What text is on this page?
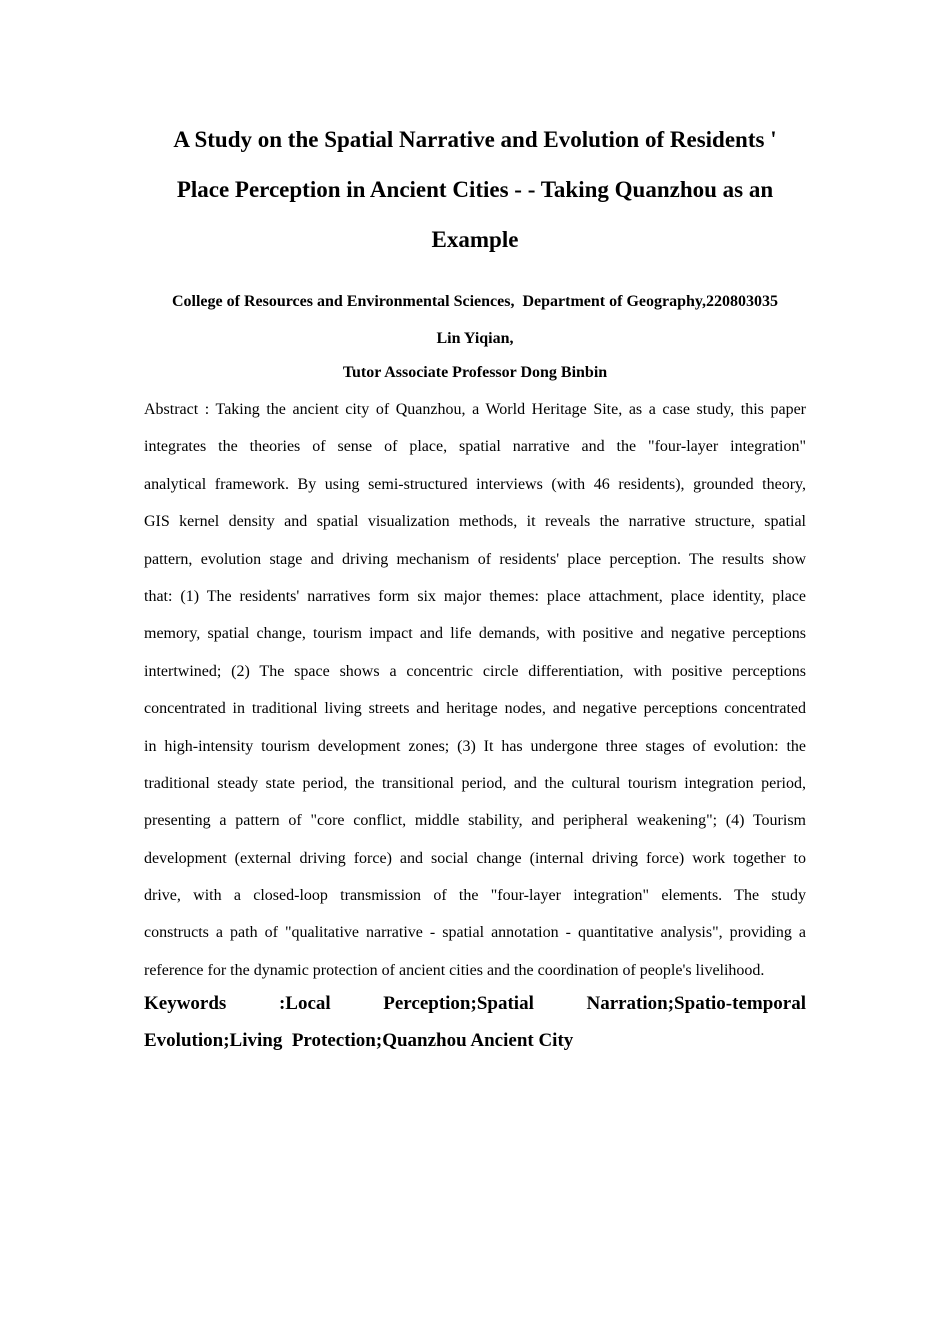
A Study on the Spatial Narrative and Evolution of Residents '
Place Perception in Ancient Cities - - Taking Quanzhou as an
Example

College of Resources and Environmental Sciences,  Department of Geography,220803035

Lin Yiqian,

Tutor Associate Professor Dong Binbin

Abstract : Taking the ancient city of Quanzhou, a World Heritage Site, as a case study, this paper
integrates the theories of sense of place, spatial narrative and the "four-layer integration"
analytical framework. By using semi-structured interviews (with 46 residents), grounded theory,
GIS kernel density and spatial visualization methods, it reveals the narrative structure, spatial
pattern, evolution stage and driving mechanism of residents' place perception. The results show
that: (1) The residents' narratives form six major themes: place attachment, place identity, place
memory, spatial change, tourism impact and life demands, with positive and negative perceptions
intertwined; (2) The space shows a concentric circle differentiation, with positive perceptions
concentrated in traditional living streets and heritage nodes, and negative perceptions concentrated
in high-intensity tourism development zones; (3) It has undergone three stages of evolution: the
traditional steady state period, the transitional period, and the cultural tourism integration period,
presenting a pattern of "core conflict, middle stability, and peripheral weakening"; (4) Tourism
development (external driving force) and social change (internal driving force) work together to
drive, with a closed-loop transmission of the "four-layer integration" elements. The study
constructs a path of "qualitative narrative - spatial annotation - quantitative analysis", providing a
reference for the dynamic protection of ancient cities and the coordination of people's livelihood.
Keywords	:Local	Perception;Spatial	Narration;Spatio-temporal
Evolution;Living  Protection;Quanzhou Ancient City
